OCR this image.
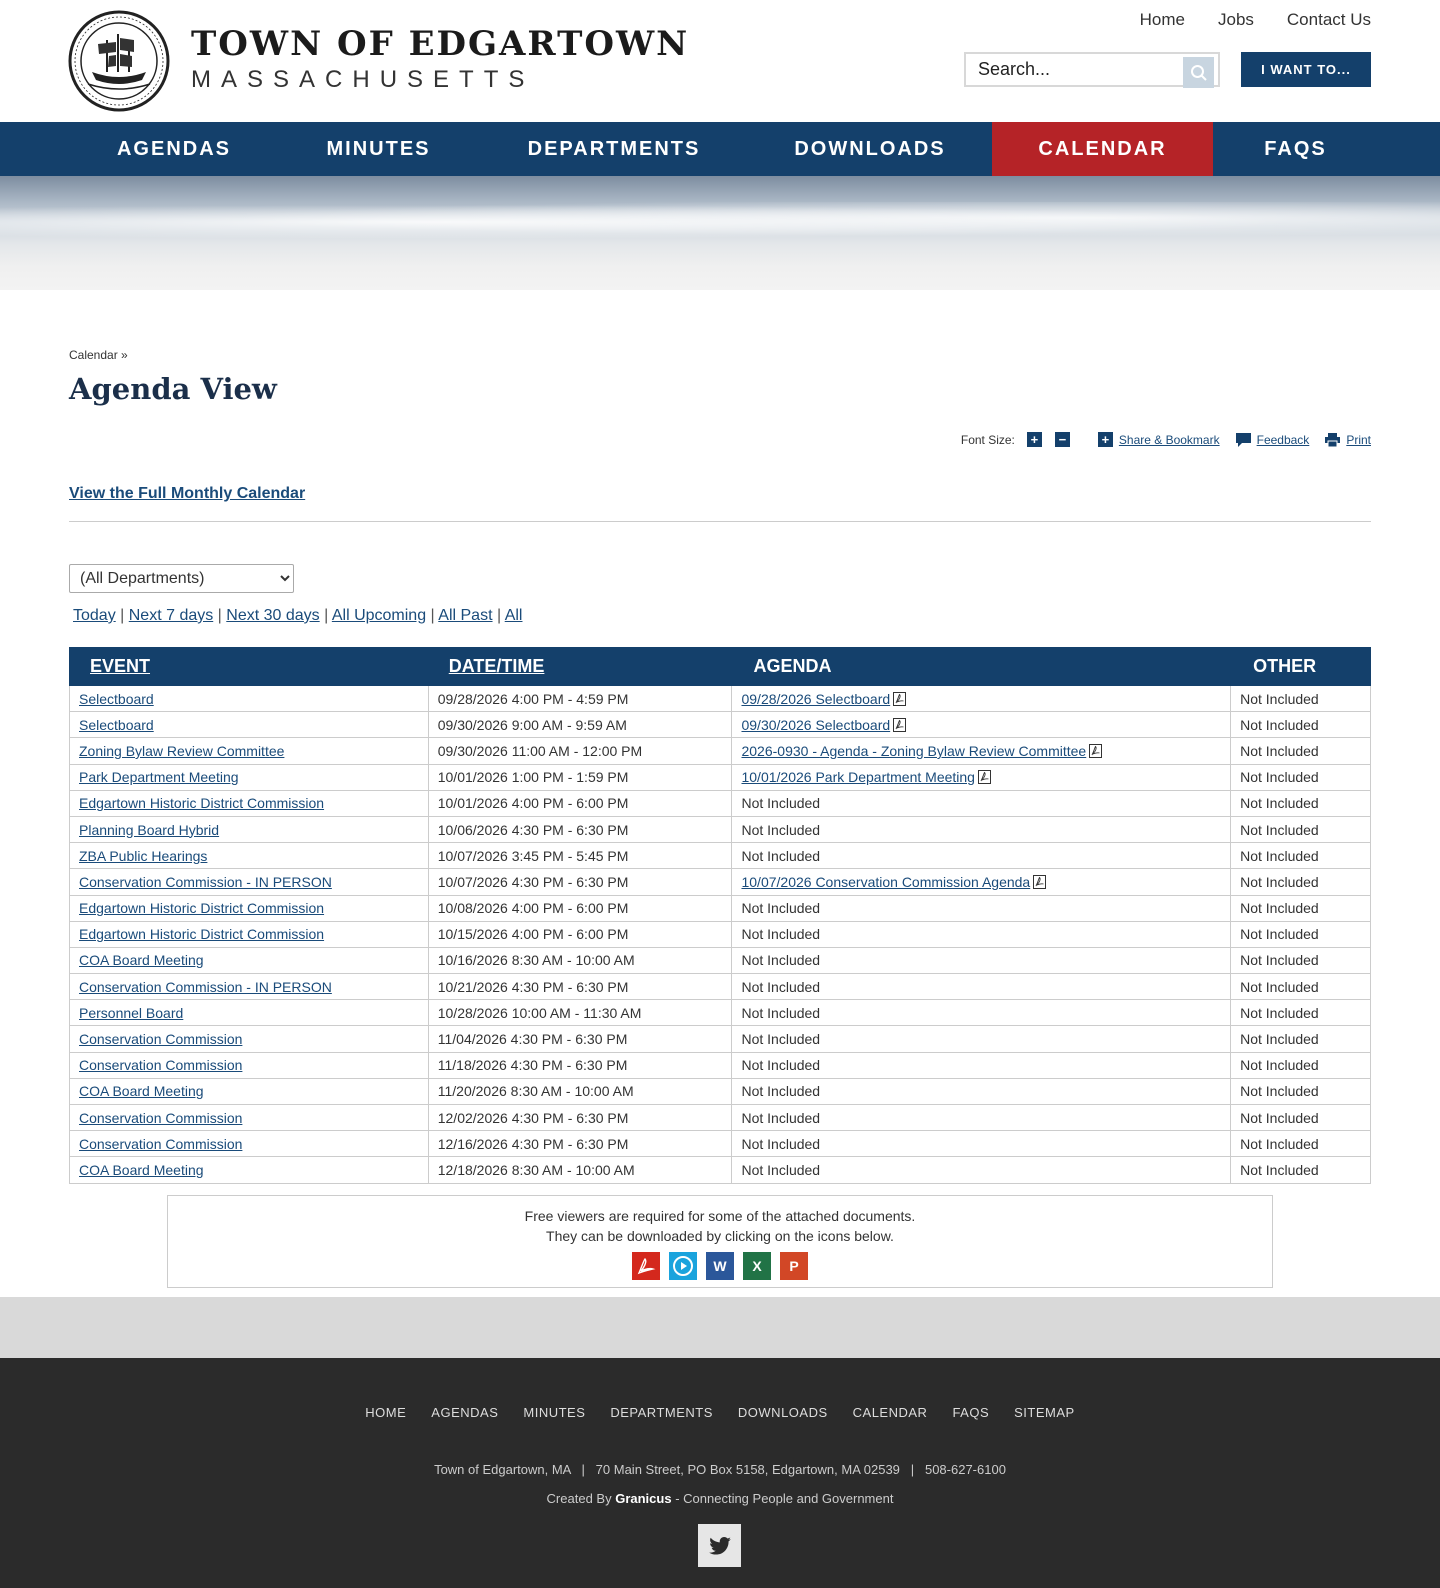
TOWN OF EDGARTOWN
MASSACHUSETTS
Home Jobs Contact Us
Search...
I WANT TO...
AGENDAS	MINUTES	DEPARTMENTS	DOWNLOADS	CALENDAR	FAQS
Calendar »
Agenda View
Font Size: + −	+ Share & Bookmark	Feedback	Print
View the Full Monthly Calendar
(All Departments)
Today | Next 7 days | Next 30 days | All Upcoming | All Past | All
EVENT	DATE/TIME	AGENDA	OTHER
Selectboard	09/28/2026 4:00 PM - 4:59 PM	09/28/2026 Selectboard	Not Included
Selectboard	09/30/2026 9:00 AM - 9:59 AM	09/30/2026 Selectboard	Not Included
Zoning Bylaw Review Committee	09/30/2026 11:00 AM - 12:00 PM	2026-0930 - Agenda - Zoning Bylaw Review Committee	Not Included
Park Department Meeting	10/01/2026 1:00 PM - 1:59 PM	10/01/2026 Park Department Meeting	Not Included
Edgartown Historic District Commission	10/01/2026 4:00 PM - 6:00 PM	Not Included	Not Included
Planning Board Hybrid	10/06/2026 4:30 PM - 6:30 PM	Not Included	Not Included
ZBA Public Hearings	10/07/2026 3:45 PM - 5:45 PM	Not Included	Not Included
Conservation Commission - IN PERSON	10/07/2026 4:30 PM - 6:30 PM	10/07/2026 Conservation Commission Agenda	Not Included
Edgartown Historic District Commission	10/08/2026 4:00 PM - 6:00 PM	Not Included	Not Included
Edgartown Historic District Commission	10/15/2026 4:00 PM - 6:00 PM	Not Included	Not Included
COA Board Meeting	10/16/2026 8:30 AM - 10:00 AM	Not Included	Not Included
Conservation Commission - IN PERSON	10/21/2026 4:30 PM - 6:30 PM	Not Included	Not Included
Personnel Board	10/28/2026 10:00 AM - 11:30 AM	Not Included	Not Included
Conservation Commission	11/04/2026 4:30 PM - 6:30 PM	Not Included	Not Included
Conservation Commission	11/18/2026 4:30 PM - 6:30 PM	Not Included	Not Included
COA Board Meeting	11/20/2026 8:30 AM - 10:00 AM	Not Included	Not Included
Conservation Commission	12/02/2026 4:30 PM - 6:30 PM	Not Included	Not Included
Conservation Commission	12/16/2026 4:30 PM - 6:30 PM	Not Included	Not Included
COA Board Meeting	12/18/2026 8:30 AM - 10:00 AM	Not Included	Not Included
Free viewers are required for some of the attached documents.
They can be downloaded by clicking on the icons below.
W	X	P
HOME AGENDAS MINUTES DEPARTMENTS DOWNLOADS CALENDAR FAQS SITEMAP
Town of Edgartown, MA   |   70 Main Street, PO Box 5158, Edgartown, MA 02539   |   508-627-6100
Created By Granicus - Connecting People and Government
